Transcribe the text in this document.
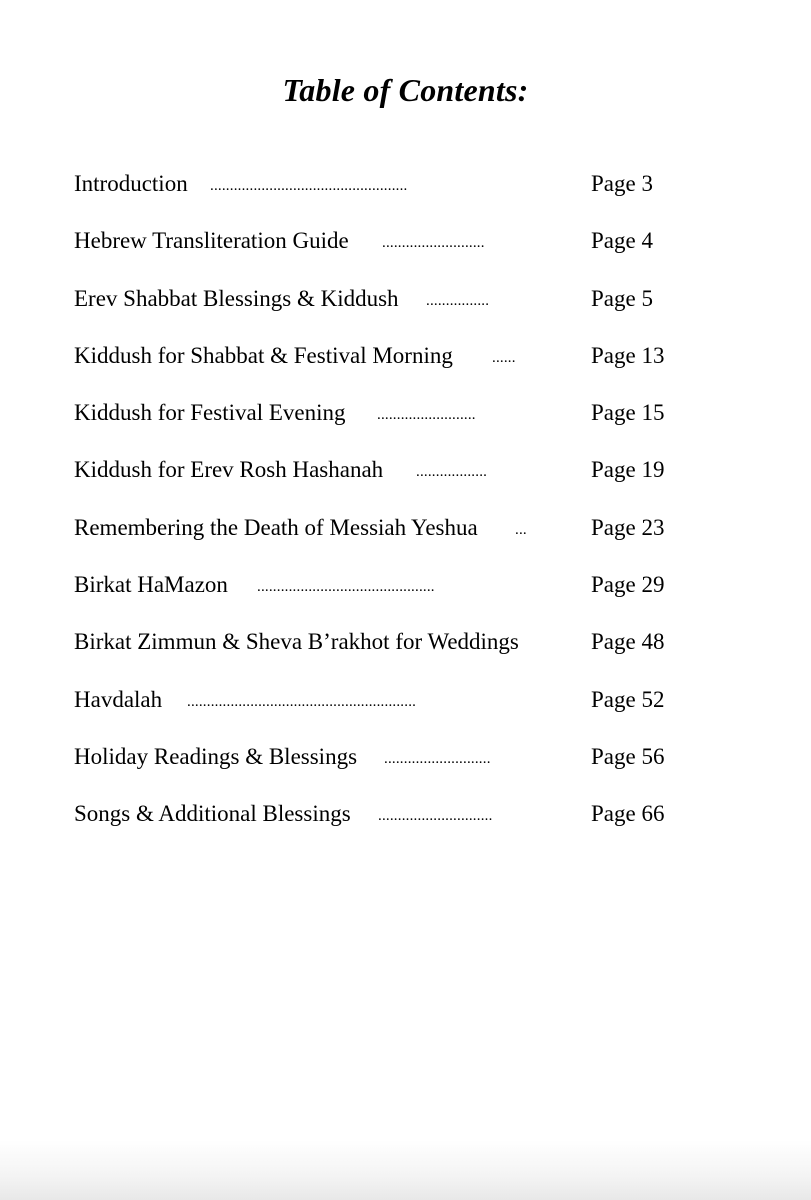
Table of Contents:
Introduction ..................................................	Page 3
Hebrew Transliteration Guide ..........................	Page 4
Erev Shabbat Blessings & Kiddush ................	Page 5
Kiddush for Shabbat & Festival Morning	......	Page 13
Kiddush for Festival Evening .........................	Page 15
Kiddush for Erev Rosh Hashanah ..................	Page 19
Remembering the Death of Messiah Yeshua ...	Page 23
Birkat HaMazon .............................................	Page 29
Birkat Zimmun & Sheva B’rakhot for Weddings	Page 48
Havdalah ..........................................................	Page 52
Holiday Readings & Blessings ...........................	Page 56
Songs & Additional Blessings .............................	Page 66
